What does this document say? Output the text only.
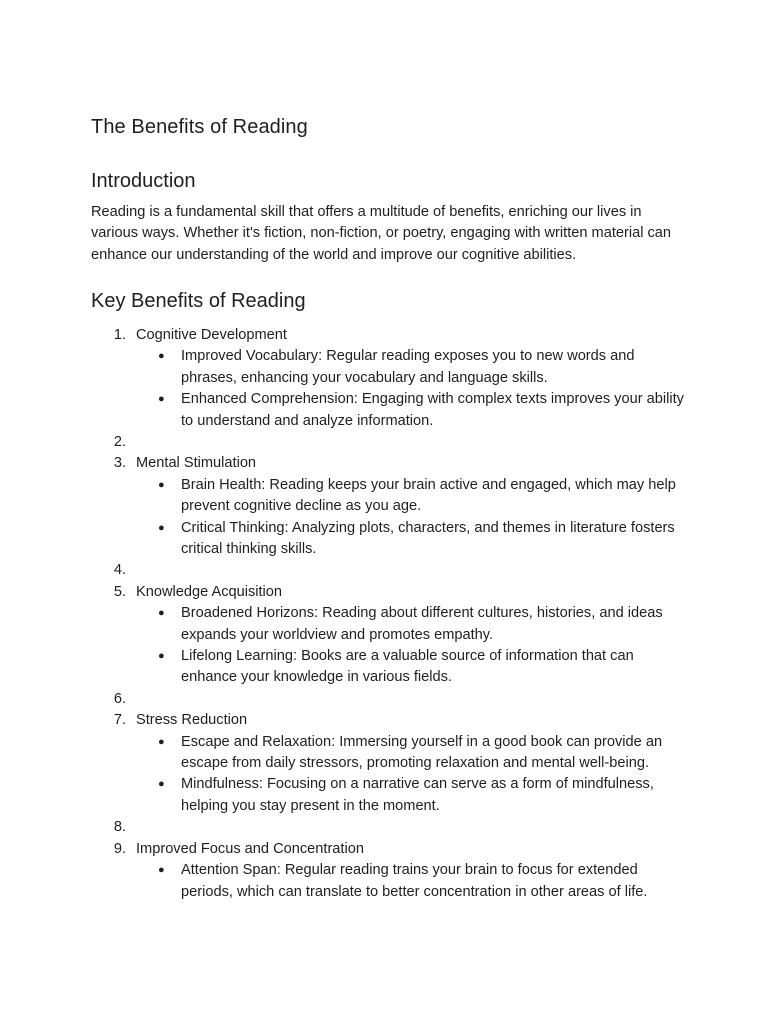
The Benefits of Reading
Introduction

Reading is a fundamental skill that offers a multitude of benefits, enriching our lives in various ways. Whether it's fiction, non-fiction, or poetry, engaging with written material can enhance our understanding of the world and improve our cognitive abilities.

Key Benefits of Reading
1. Cognitive Development
● Improved Vocabulary: Regular reading exposes you to new words and phrases, enhancing your vocabulary and language skills.
● Enhanced Comprehension: Engaging with complex texts improves your ability to understand and analyze information.
2.
3. Mental Stimulation
● Brain Health: Reading keeps your brain active and engaged, which may help prevent cognitive decline as you age.
● Critical Thinking: Analyzing plots, characters, and themes in literature fosters critical thinking skills.
4.
5. Knowledge Acquisition
● Broadened Horizons: Reading about different cultures, histories, and ideas expands your worldview and promotes empathy.
● Lifelong Learning: Books are a valuable source of information that can enhance your knowledge in various fields.
6.
7. Stress Reduction
● Escape and Relaxation: Immersing yourself in a good book can provide an escape from daily stressors, promoting relaxation and mental well-being.
● Mindfulness: Focusing on a narrative can serve as a form of mindfulness, helping you stay present in the moment.
8.
9. Improved Focus and Concentration
● Attention Span: Regular reading trains your brain to focus for extended periods, which can translate to better concentration in other areas of life.
